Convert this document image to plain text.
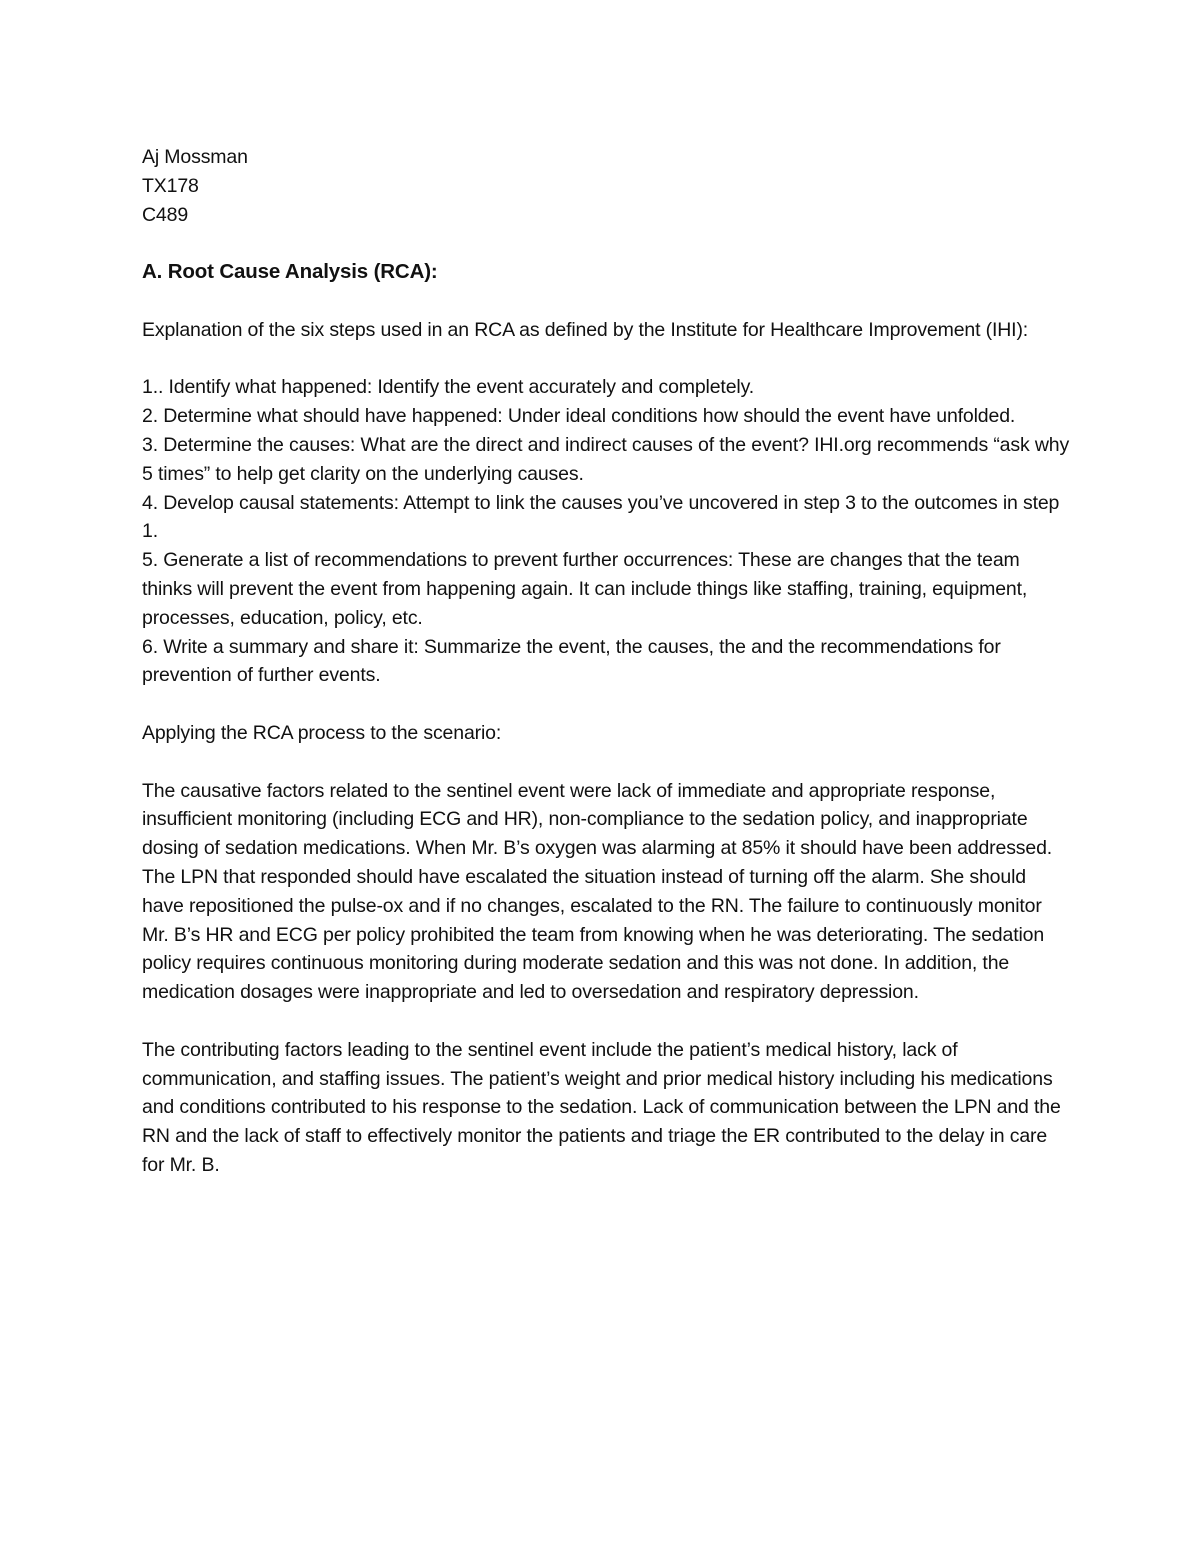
Aj Mossman
TX178
C489
A. Root Cause Analysis (RCA):

Explanation of the six steps used in an RCA as defined by the Institute for Healthcare Improvement (IHI):

1.. Identify what happened: Identify the event accurately and completely.

2. Determine what should have happened: Under ideal conditions how should the event have unfolded.

3. Determine the causes: What are the direct and indirect causes of the event? IHI.org recommends “ask why 5 times” to help get clarity on the underlying causes.

4. Develop causal statements: Attempt to link the causes you’ve uncovered in step 3 to the outcomes in step 1.

5. Generate a list of recommendations to prevent further occurrences: These are changes that the team thinks will prevent the event from happening again. It can include things like staffing, training, equipment, processes, education, policy, etc.

6. Write a summary and share it: Summarize the event, the causes, the and the recommendations for prevention of further events.

Applying the RCA process to the scenario:

The causative factors related to the sentinel event were lack of immediate and appropriate response, insufficient monitoring (including ECG and HR), non-compliance to the sedation policy, and inappropriate dosing of sedation medications. When Mr. B’s oxygen was alarming at 85% it should have been addressed. The LPN that responded should have escalated the situation instead of turning off the alarm. She should have repositioned the pulse-ox and if no changes, escalated to the RN. The failure to continuously monitor Mr. B’s HR and ECG per policy prohibited the team from knowing when he was deteriorating. The sedation policy requires continuous monitoring during moderate sedation and this was not done. In addition, the medication dosages were inappropriate and led to oversedation and respiratory depression.

The contributing factors leading to the sentinel event include the patient’s medical history, lack of communication, and staffing issues. The patient’s weight and prior medical history including his medications and conditions contributed to his response to the sedation. Lack of communication between the LPN and the RN and the lack of staff to effectively monitor the patients and triage the ER contributed to the delay in care for Mr. B.
